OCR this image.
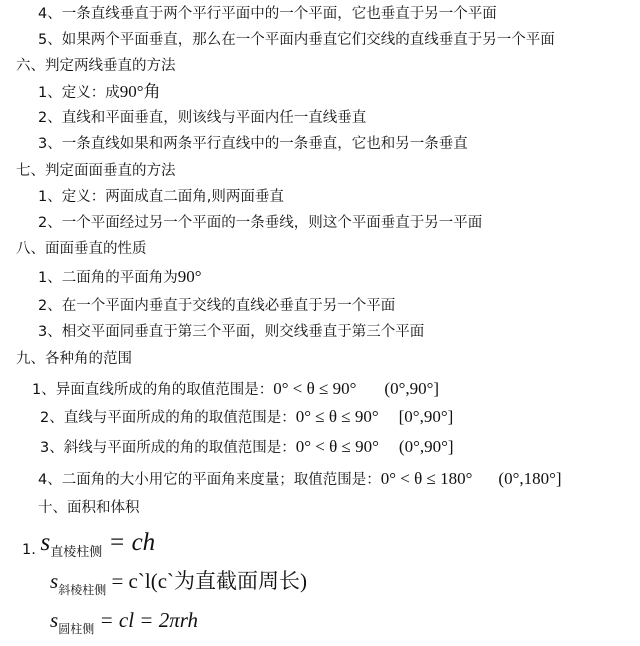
4、一条直线垂直于两个平行平面中的一个平面，它也垂直于另一个平面
5、如果两个平面垂直，那么在一个平面内垂直它们交线的直线垂直于另一个平面
六、判定两线垂直的方法
1、定义：成90°角
2、直线和平面垂直，则该线与平面内任一直线垂直
3、一条直线如果和两条平行直线中的一条垂直，它也和另一条垂直
七、判定面面垂直的方法
1、定义：两面成直二面角,则两面垂直
2、一个平面经过另一个平面的一条垂线，则这个平面垂直于另一平面
八、面面垂直的性质
1、二面角的平面角为90°
2、在一个平面内垂直于交线的直线必垂直于另一个平面
3、相交平面同垂直于第三个平面，则交线垂直于第三个平面
九、各种角的范围
1、异面直线所成的角的取值范围是：0° < θ ≤ 90° (0°,90°]
2、直线与平面所成的角的取值范围是：0° ≤ θ ≤ 90° [0°,90°]
3、斜线与平面所成的角的取值范围是：0° < θ ≤ 90° (0°,90°]
4、二面角的大小用它的平面角来度量；取值范围是：0° < θ ≤ 180° (0°,180°]
十、面积和体积
1. s直棱柱侧 = ch
$s_{斜棱柱侧}$ = c`l(c`为直截面周长)
$s_{圆柱侧}$ = cl = 2πrh
